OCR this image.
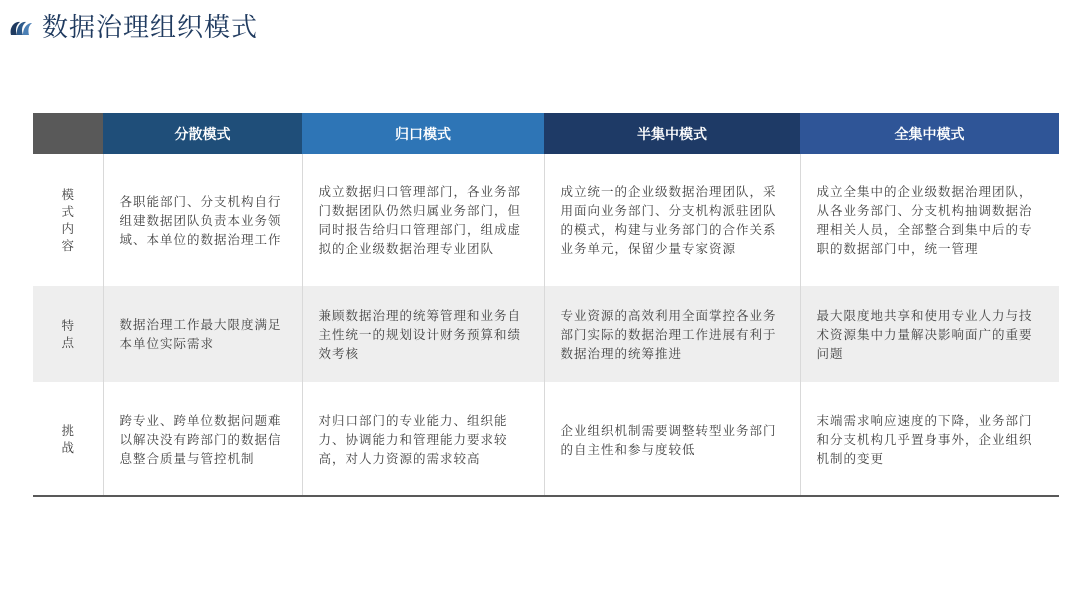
数据治理组织模式
	分散模式	归口模式	半集中模式	全集中模式
模式内容	各职能部门、分支机构自行组建数据团队负责本业务领域、本单位的数据治理工作	成立数据归口管理部门，各业务部门数据团队仍然归属业务部门，但同时报告给归口管理部门，组成虚拟的企业级数据治理专业团队	成立统一的企业级数据治理团队，采用面向业务部门、分支机构派驻团队的模式，构建与业务部门的合作关系业务单元，保留少量专家资源	成立全集中的企业级数据治理团队，从各业务部门、分支机构抽调数据治理相关人员，全部整合到集中后的专职的数据部门中，统一管理

特点	数据治理工作最大限度满足本单位实际需求	兼顾数据治理的统筹管理和业务自主性统一的规划设计财务预算和绩效考核	专业资源的高效利用全面掌控各业务部门实际的数据治理工作进展有利于数据治理的统筹推进	最大限度地共享和使用专业人力与技术资源集中力量解决影响面广的重要问题

挑战	跨专业、跨单位数据问题难以解决没有跨部门的数据信息整合质量与管控机制	对归口部门的专业能力、组织能力、协调能力和管理能力要求较高，对人力资源的需求较高	企业组织机制需要调整转型业务部门的自主性和参与度较低	末端需求响应速度的下降，业务部门和分支机构几乎置身事外，企业组织机制的变更
